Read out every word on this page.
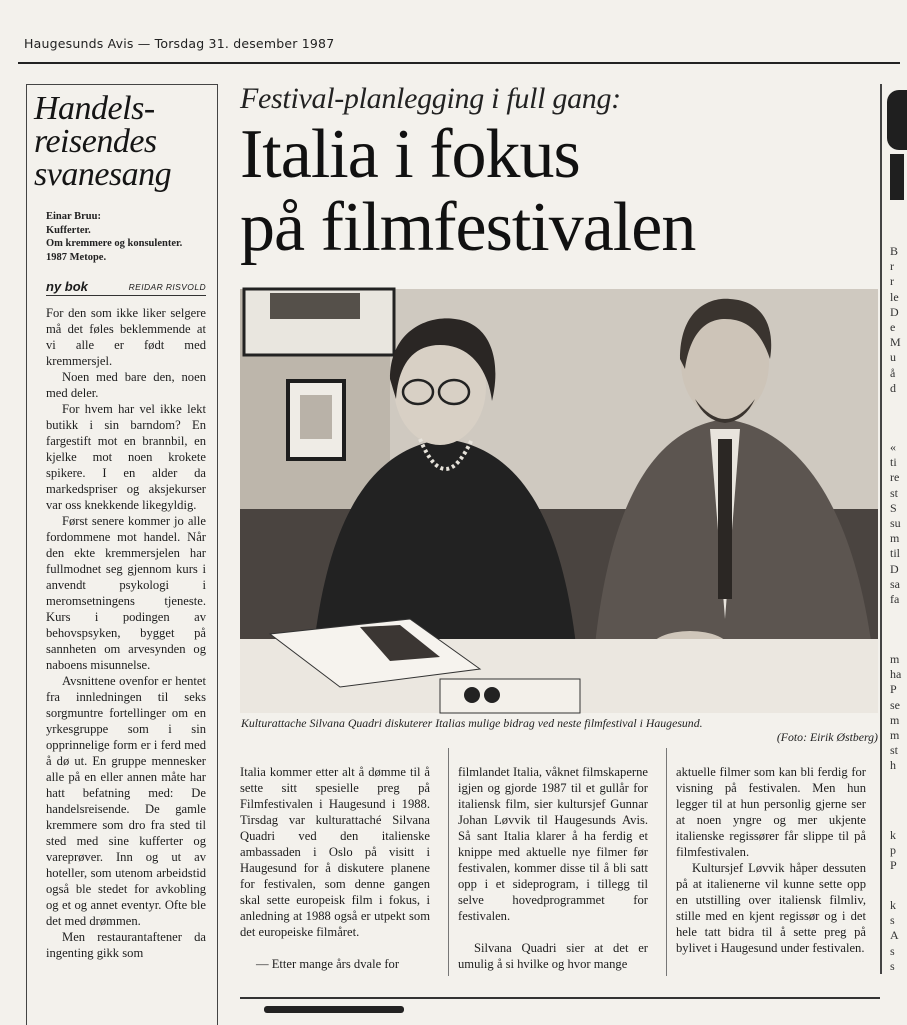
Haugesunds Avis — Torsdag 31. desember 1987
Handels-
reisendes
svanesang
Einar Bruu:
Kufferter.
Om kremmere og konsulenter.
1987 Metope.
ny bok	REIDAR RISVOLD

For den som ikke liker selgere må det føles beklemmende at vi alle er født med kremmersjel.

Noen med bare den, noen med deler.

For hvem har vel ikke lekt butikk i sin barndom? En fargestift mot en brannbil, en kjelke mot noen krokete spikere. I en alder da markedspriser og aksjekurser var oss knekkende likegyldig.

Først senere kommer jo alle fordommene mot handel. Når den ekte kremmersjelen har fullmodnet seg gjennom kurs i anvendt psykologi i meromsetningens tjeneste. Kurs i podingen av behovspsyken, bygget på sannheten om arvesynden og naboens misunnelse.

Avsnittene ovenfor er hentet fra innledningen til seks sorgmuntre fortellinger om en yrkesgruppe som i sin opprinnelige form er i ferd med å dø ut. En gruppe mennesker alle på en eller annen måte har hatt befatning med: De handelsreisende. De gamle kremmere som dro fra sted til sted med sine kufferter og vareprøver. Inn og ut av hoteller, som utenom arbeidstid også ble stedet for avkobling og et og annet eventyr. Ofte ble det med drømmen.

Men restaurantaftener da ingenting gikk som

Festival-planlegging i full gang:
Italia i fokus
på filmfestivalen
Kulturattache Silvana Quadri diskuterer Italias mulige bidrag ved neste filmfestival i Haugesund.
(Foto: Eirik Østberg)

Italia kommer etter alt å dømme til å sette sitt spesielle preg på Filmfestivalen i Haugesund i 1988. Tirsdag var kulturattaché Silvana Quadri ved den italienske ambassaden i Oslo på visitt i Haugesund for å diskutere planene for festivalen, som denne gangen skal sette europeisk film i fokus, i anledning at 1988 også er utpekt som det europeiske filmåret.

— Etter mange års dvale for

filmlandet Italia, våknet filmskaperne igjen og gjorde 1987 til et gullår for italiensk film, sier kultursjef Gunnar Johan Løvvik til Haugesunds Avis. Så sant Italia klarer å ha ferdig et knippe med aktuelle nye filmer før festivalen, kommer disse til å bli satt opp i et sideprogram, i tillegg til selve hovedprogrammet for festivalen.

Silvana Quadri sier at det er umulig å si hvilke og hvor mange

aktuelle filmer som kan bli ferdig for visning på festivalen. Men hun legger til at hun personlig gjerne ser at noen yngre og mer ukjente italienske regissører får slippe til på filmfestivalen.

Kultursjef Løvvik håper dessuten på at italienerne vil kunne sette opp en utstilling over italiensk filmliv, stille med en kjent regissør og i det hele tatt bidra til å sette preg på bylivet i Haugesund under festivalen.

B
r
r
le
D
e
M
u
å
d
«
ti
re
st
S
su
m
til
D
sa
fa
m
ha
P
se
m
m
st
h
k
p
P
k
s
A
s
s
